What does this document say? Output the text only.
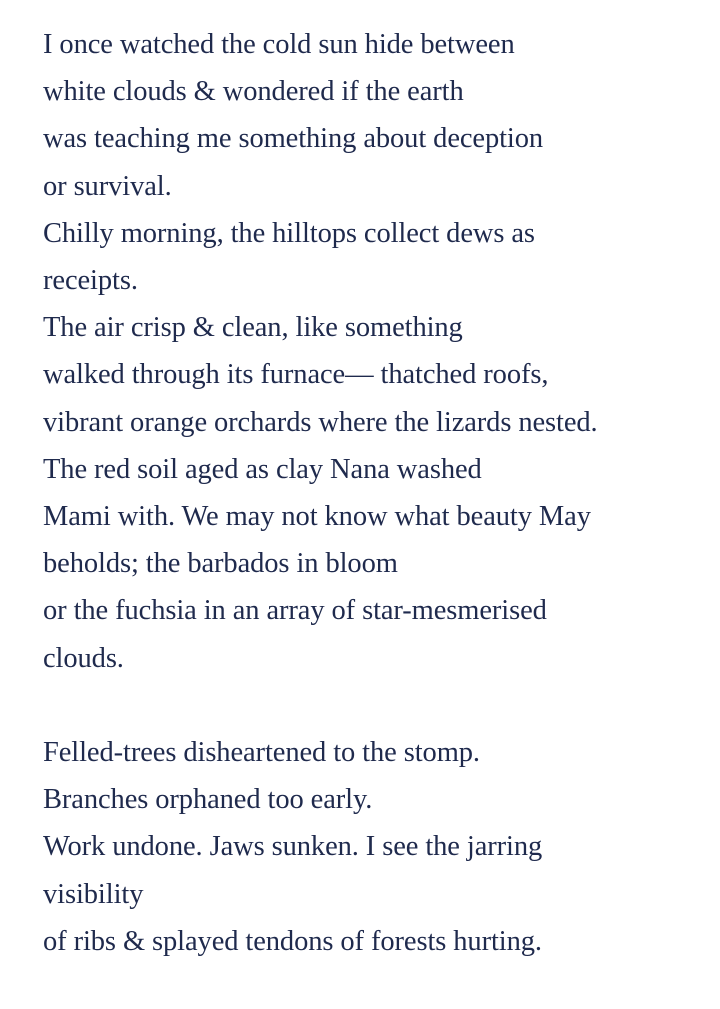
I once watched the cold sun hide between
white clouds & wondered if the earth
was teaching me something about deception
or survival.
Chilly morning, the hilltops collect dews as
receipts.
The air crisp & clean, like something
walked through its furnace— thatched roofs,
vibrant orange orchards where the lizards nested.
The red soil aged as clay Nana washed
Mami with. We may not know what beauty May
beholds; the barbados in bloom
or the fuchsia in an array of star-mesmerised
clouds.

Felled-trees disheartened to the stomp.
Branches orphaned too early.
Work undone. Jaws sunken. I see the jarring
visibility
of ribs & splayed tendons of forests hurting.
